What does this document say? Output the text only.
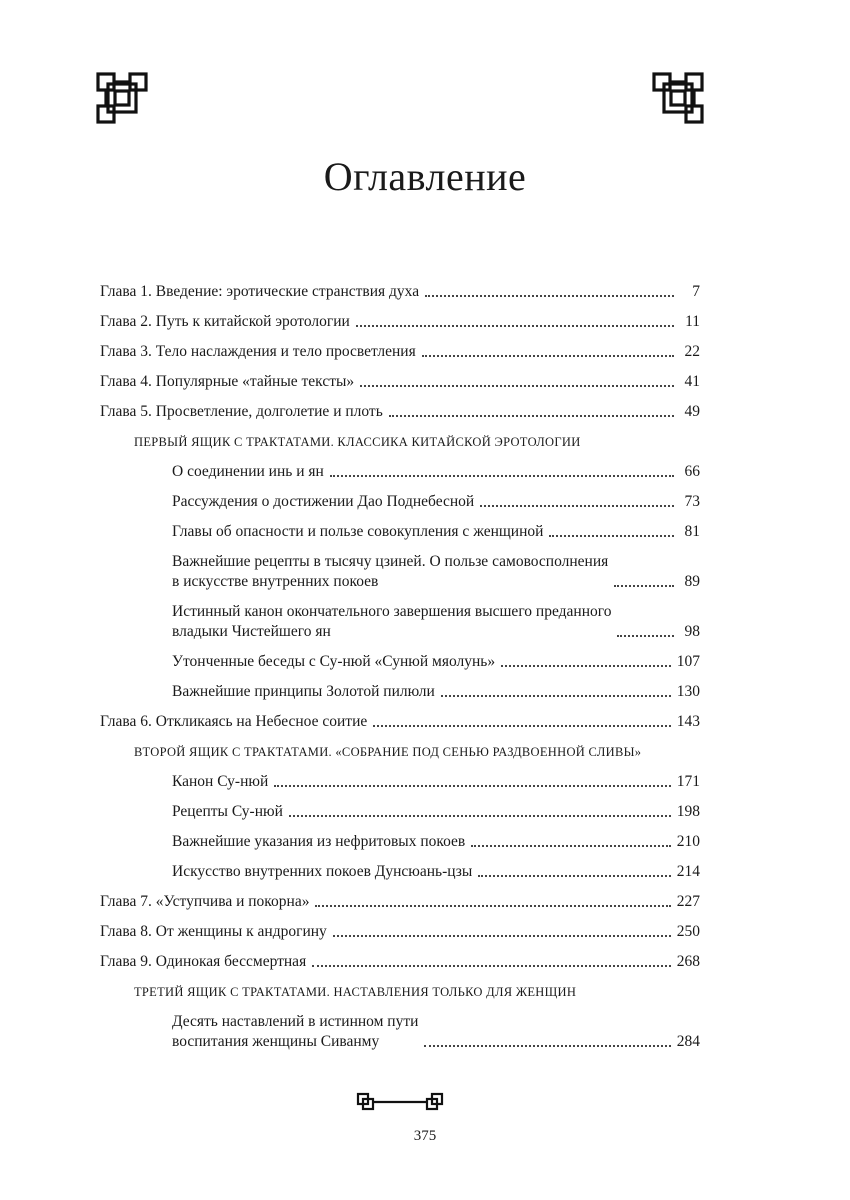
Оглавление
Глава 1. Введение: эротические странствия духа	7
Глава 2. Путь к китайской эротологии	11
Глава 3. Тело наслаждения и тело просветления	22
Глава 4. Популярные «тайные тексты»	41
Глава 5. Просветление, долголетие и плоть	49
ПЕРВЫЙ ЯЩИК С ТРАКТАТАМИ. КЛАССИКА КИТАЙСКОЙ ЭРОТОЛОГИИ
О соединении инь и ян	66
Рассуждения о достижении Дао Поднебесной	73
Главы об опасности и пользе совокупления с женщиной	81
Важнейшие рецепты в тысячу цзиней. О пользе самовосполнения
в искусстве внутренних покоев	89
Истинный канон окончательного завершения высшего преданного
владыки Чистейшего ян	98
Утонченные беседы с Су-нюй «Сунюй мяолунь»	107
Важнейшие принципы Золотой пилюли	130
Глава 6. Откликаясь на Небесное соитие	143
ВТОРОЙ ЯЩИК С ТРАКТАТАМИ. «СОБРАНИЕ ПОД СЕНЬЮ РАЗДВОЕННОЙ СЛИВЫ»
Канон Су-нюй	171
Рецепты Су-нюй	198
Важнейшие указания из нефритовых покоев	210
Искусство внутренних покоев Дунсюань-цзы	214
Глава 7. «Уступчива и покорна»	227
Глава 8. От женщины к андрогину	250
Глава 9. Одинокая бессмертная	268
ТРЕТИЙ ЯЩИК С ТРАКТАТАМИ. НАСТАВЛЕНИЯ ТОЛЬКО ДЛЯ ЖЕНЩИН
Десять наставлений в истинном пути
воспитания женщины Сиванму	284
375
